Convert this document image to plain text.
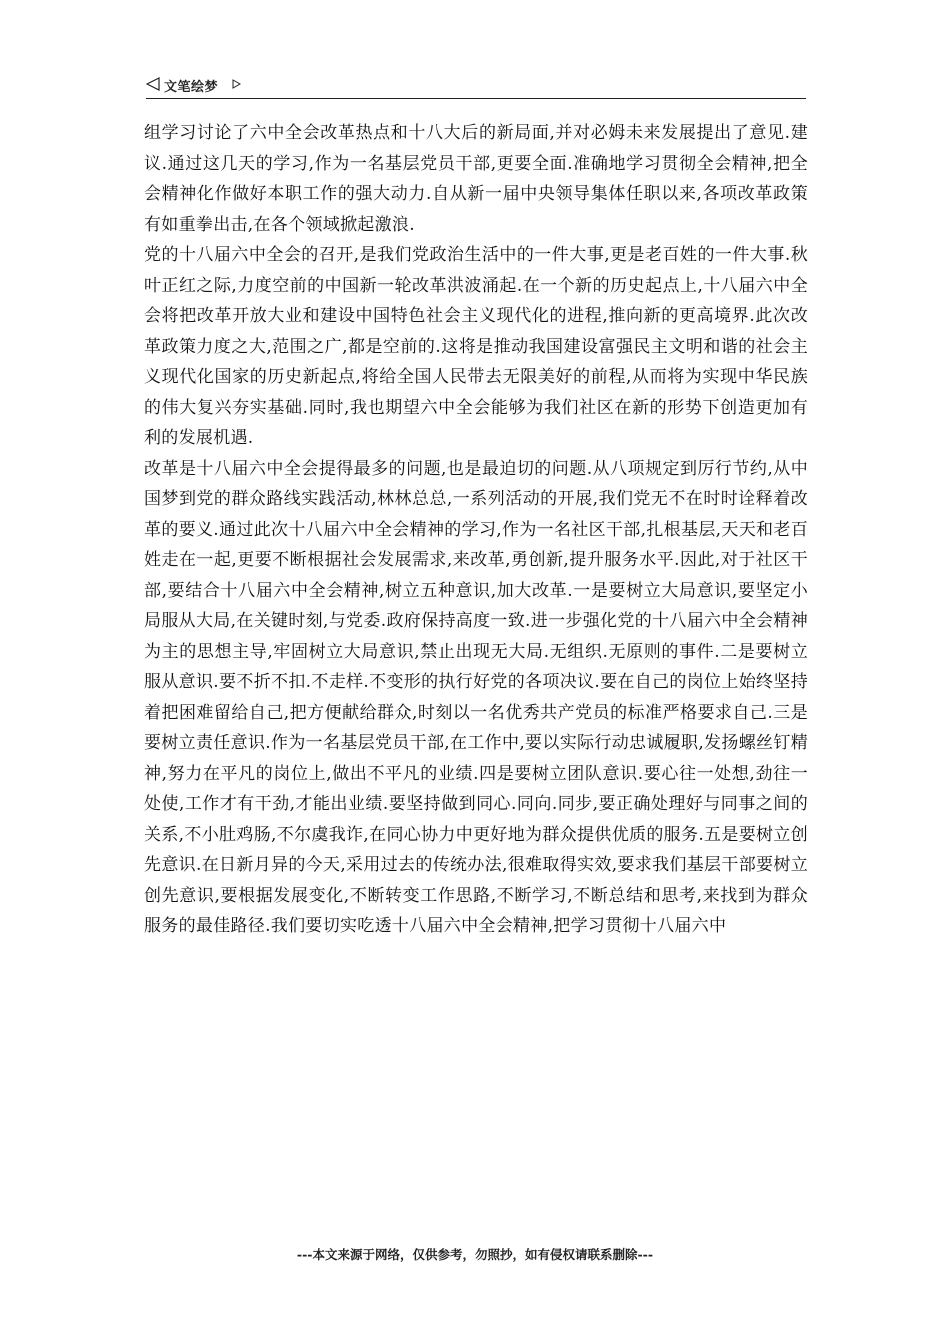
文笔绘梦

组学习讨论了六中全会改革热点和十八大后的新局面,并对必姆未来发展提出了意见.建议.通过这几天的学习,作为一名基层党员干部,更要全面.准确地学习贯彻全会精神,把全会精神化作做好本职工作的强大动力.自从新一届中央领导集体任职以来,各项改革政策有如重拳出击,在各个领域掀起激浪.

党的十八届六中全会的召开,是我们党政治生活中的一件大事,更是老百姓的一件大事.秋叶正红之际,力度空前的中国新一轮改革洪波涌起.在一个新的历史起点上,十八届六中全会将把改革开放大业和建设中国特色社会主义现代化的进程,推向新的更高境界.此次改革政策力度之大,范围之广,都是空前的.这将是推动我国建设富强民主文明和谐的社会主义现代化国家的历史新起点,将给全国人民带去无限美好的前程,从而将为实现中华民族的伟大复兴夯实基础.同时,我也期望六中全会能够为我们社区在新的形势下创造更加有利的发展机遇.

改革是十八届六中全会提得最多的问题,也是最迫切的问题.从八项规定到厉行节约,从中国梦到党的群众路线实践活动,林林总总,一系列活动的开展,我们党无不在时时诠释着改革的要义.通过此次十八届六中全会精神的学习,作为一名社区干部,扎根基层,天天和老百姓走在一起,更要不断根据社会发展需求,来改革,勇创新,提升服务水平.因此,对于社区干部,要结合十八届六中全会精神,树立五种意识,加大改革.一是要树立大局意识,要坚定小局服从大局,在关键时刻,与党委.政府保持高度一致.进一步强化党的十八届六中全会精神为主的思想主导,牢固树立大局意识,禁止出现无大局.无组织.无原则的事件.二是要树立服从意识.要不折不扣.不走样.不变形的执行好党的各项决议.要在自己的岗位上始终坚持着把困难留给自己,把方便献给群众,时刻以一名优秀共产党员的标准严格要求自己.三是要树立责任意识.作为一名基层党员干部,在工作中,要以实际行动忠诚履职,发扬螺丝钉精神,努力在平凡的岗位上,做出不平凡的业绩.四是要树立团队意识.要心往一处想,劲往一处使,工作才有干劲,才能出业绩.要坚持做到同心.同向.同步,要正确处理好与同事之间的关系,不小肚鸡肠,不尔虞我诈,在同心协力中更好地为群众提供优质的服务.五是要树立创先意识.在日新月异的今天,采用过去的传统办法,很难取得实效,要求我们基层干部要树立创先意识,要根据发展变化,不断转变工作思路,不断学习,不断总结和思考,来找到为群众服务的最佳路径.我们要切实吃透十八届六中全会精神,把学习贯彻十八届六中

---本文来源于网络，仅供参考，勿照抄，如有侵权请联系删除---
